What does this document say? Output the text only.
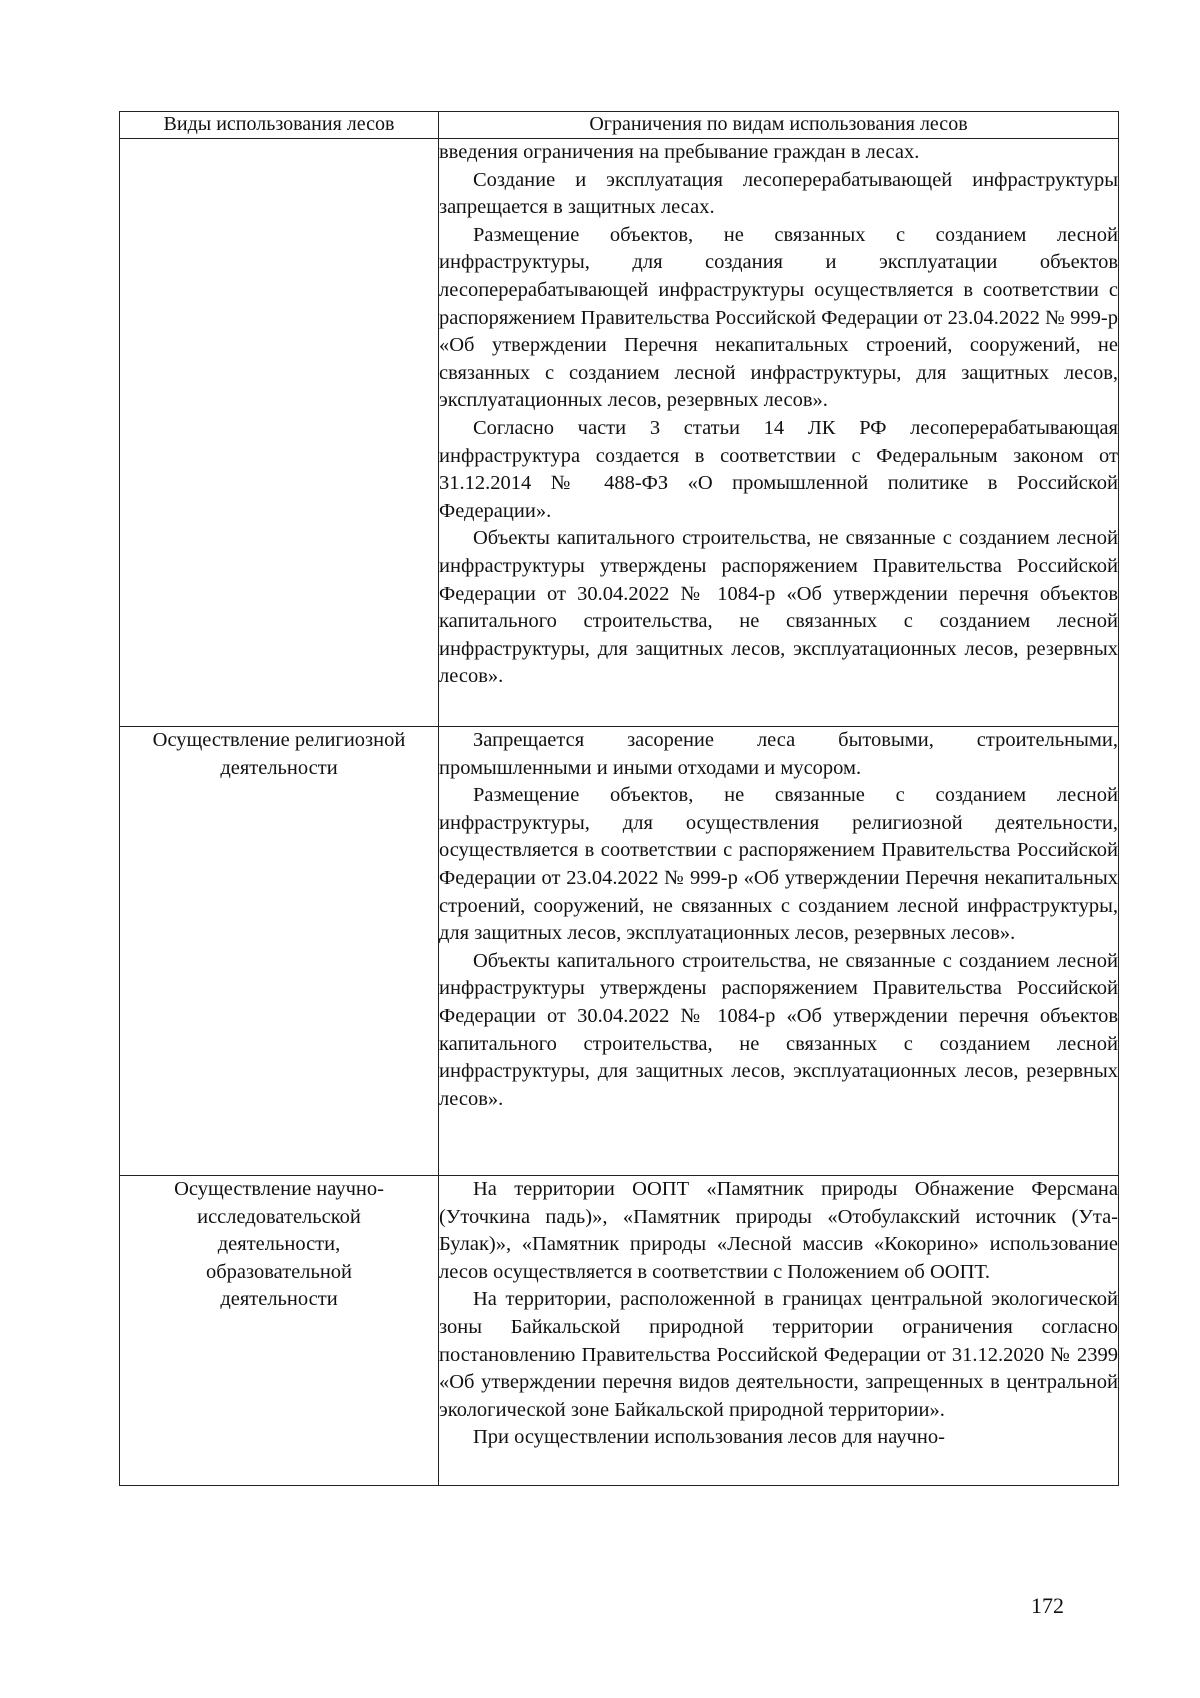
Виды использования лесов	Ограничения по видам использования лесов

	введения ограничения на пребывание граждан в лесах.

Создание и эксплуатация лесоперерабатывающей инфраструктуры запрещается в защитных лесах.

Размещение объектов, не связанных с созданием лесной инфраструктуры, для создания и эксплуатации объектов лесоперерабатывающей инфраструктуры осуществляется в соответствии с распоряжением Правительства Российской Федерации от 23.04.2022 № 999-р «Об утверждении Перечня некапитальных строений, сооружений, не связанных с созданием лесной инфраструктуры, для защитных лесов, эксплуатационных лесов, резервных лесов».

Согласно части 3 статьи 14 ЛК РФ лесоперерабатывающая инфраструктура создается в соответствии с Федеральным законом от 31.12.2014 № 488-ФЗ «О промышленной политике в Российской Федерации».

Объекты капитального строительства, не связанные с созданием лесной инфраструктуры утверждены распоряжением Правительства Российской Федерации от 30.04.2022 № 1084-р «Об утверждении перечня объектов капитального строительства, не связанных с созданием лесной инфраструктуры, для защитных лесов, эксплуатационных лесов, резервных лесов».

Осуществление религиозной деятельности	Запрещается засорение леса бытовыми, строительными, промышленными и иными отходами и мусором.

Размещение объектов, не связанные с созданием лесной инфраструктуры, для осуществления религиозной деятельности, осуществляется в соответствии с распоряжением Правительства Российской Федерации от 23.04.2022 № 999-р «Об утверждении Перечня некапитальных строений, сооружений, не связанных с созданием лесной инфраструктуры, для защитных лесов, эксплуатационных лесов, резервных лесов».

Объекты капитального строительства, не связанные с созданием лесной инфраструктуры утверждены распоряжением Правительства Российской Федерации от 30.04.2022 № 1084-р «Об утверждении перечня объектов капитального строительства, не связанных с созданием лесной инфраструктуры, для защитных лесов, эксплуатационных лесов, резервных лесов».

Осуществление научно-исследовательской деятельности, образовательной деятельности	На территории ООПТ «Памятник природы Обнажение Ферсмана (Уточкина падь)», «Памятник природы «Отобулакский источник (Ута-Булак)», «Памятник природы «Лесной массив «Кокорино» использование лесов осуществляется в соответствии с Положением об ООПТ.

На территории, расположенной в границах центральной экологической зоны Байкальской природной территории ограничения согласно постановлению Правительства Российской Федерации от 31.12.2020 № 2399 «Об утверждении перечня видов деятельности, запрещенных в центральной экологической зоне Байкальской природной территории».

При осуществлении использования лесов для научно-

172
